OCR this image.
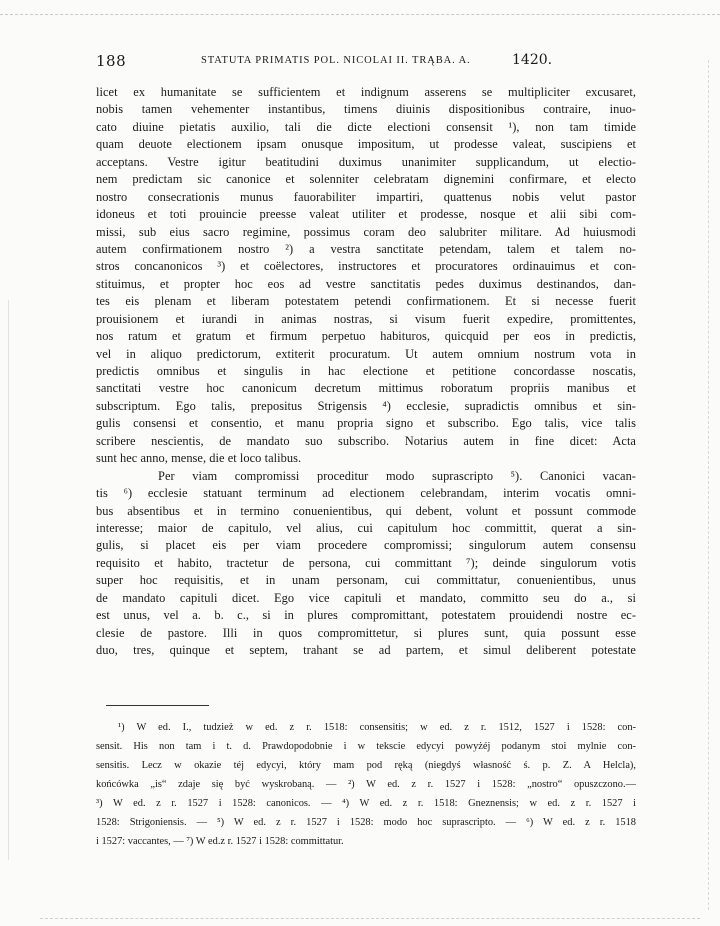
188	STATUTA PRIMATIS POL. NICOLAI II. TRĄBA. A.	1420.
licet ex humanitate se sufficientem et indignum asserens se multipliciter excusaret,
nobis tamen vehementer instantibus, timens diuinis dispositionibus contraire, inuo-
cato diuine pietatis auxilio, tali die dicte electioni consensit ¹), non tam timide
quam deuote electionem ipsam onusque impositum, ut prodesse valeat, suscipiens et
acceptans. Vestre igitur beatitudini duximus unanimiter supplicandum, ut electio-
nem predictam sic canonice et solenniter celebratam dignemini confirmare, et electo
nostro consecrationis munus fauorabiliter impartiri, quattenus nobis velut pastor
idoneus et toti prouincie preesse valeat utiliter et prodesse, nosque et alii sibi com-
missi, sub eius sacro regimine, possimus coram deo salubriter militare. Ad huiusmodi
autem confirmationem nostro ²) a vestra sanctitate petendam, talem et talem no-
stros concanonicos ³) et coëlectores, instructores et procuratores ordinauimus et con-
stituimus, et propter hoc eos ad vestre sanctitatis pedes duximus destinandos, dan-
tes eis plenam et liberam potestatem petendi confirmationem. Et si necesse fuerit
prouisionem et iurandi in animas nostras, si visum fuerit expedire, promittentes,
nos ratum et gratum et firmum perpetuo habituros, quicquid per eos in predictis,
vel in aliquo predictorum, extiterit procuratum. Ut autem omnium nostrum vota in
predictis omnibus et singulis in hac electione et petitione concordasse noscatis,
sanctitati vestre hoc canonicum decretum mittimus roboratum propriis manibus et
subscriptum. Ego talis, prepositus Strigensis ⁴) ecclesie, supradictis omnibus et sin-
gulis consensi et consentio, et manu propria signo et subscribo. Ego talis, vice talis
scribere nescientis, de mandato suo subscribo. Notarius autem in fine dicet: Acta
sunt hec anno, mense, die et loco talibus.
Per viam compromissi proceditur modo suprascripto ⁵). Canonici vacan-
tis ⁶) ecclesie statuant terminum ad electionem celebrandam, interim vocatis omni-
bus absentibus et in termino conuenientibus, qui debent, volunt et possunt commode
interesse; maior de capitulo, vel alius, cui capitulum hoc committit, querat a sin-
gulis, si placet eis per viam procedere compromissi; singulorum autem consensu
requisito et habito, tractetur de persona, cui committant ⁷); deinde singulorum votis
super hoc requisitis, et in unam personam, cui committatur, conuenientibus, unus
de mandato capituli dicet. Ego vice capituli et mandato, committo seu do a., si
est unus, vel a. b. c., si in plures compromittant, potestatem prouidendi nostre ec-
clesie de pastore. Illi in quos compromittetur, si plures sunt, quia possunt esse
duo, tres, quinque et septem, trahant se ad partem, et simul deliberent potestate
¹) W ed. I., tudzież w ed. z r. 1518: consensitis; w ed. z r. 1512, 1527 i 1528: con-
sensit. His non tam i t. d. Prawdopodobnie i w tekscie edycyi powyżéj podanym stoi mylnie con-
sensitis. Lecz w okazie téj edycyi, który mam pod ręką (niegdyś własność ś. p. Z. A Helcla),
końcówka „is“ zdaje się być wyskrobaną. — ²) W ed. z r. 1527 i 1528: „nostro“ opuszczono.—
³) W ed. z r. 1527 i 1528: canonicos. — ⁴) W ed. z r. 1518: Gneznensis; w ed. z r. 1527 i
1528: Strigoniensis. — ⁵) W ed. z r. 1527 i 1528: modo hoc suprascripto. — ⁶) W ed. z r. 1518
i 1527: vaccantes, — ⁷) W ed.z r. 1527 i 1528: committatur.
